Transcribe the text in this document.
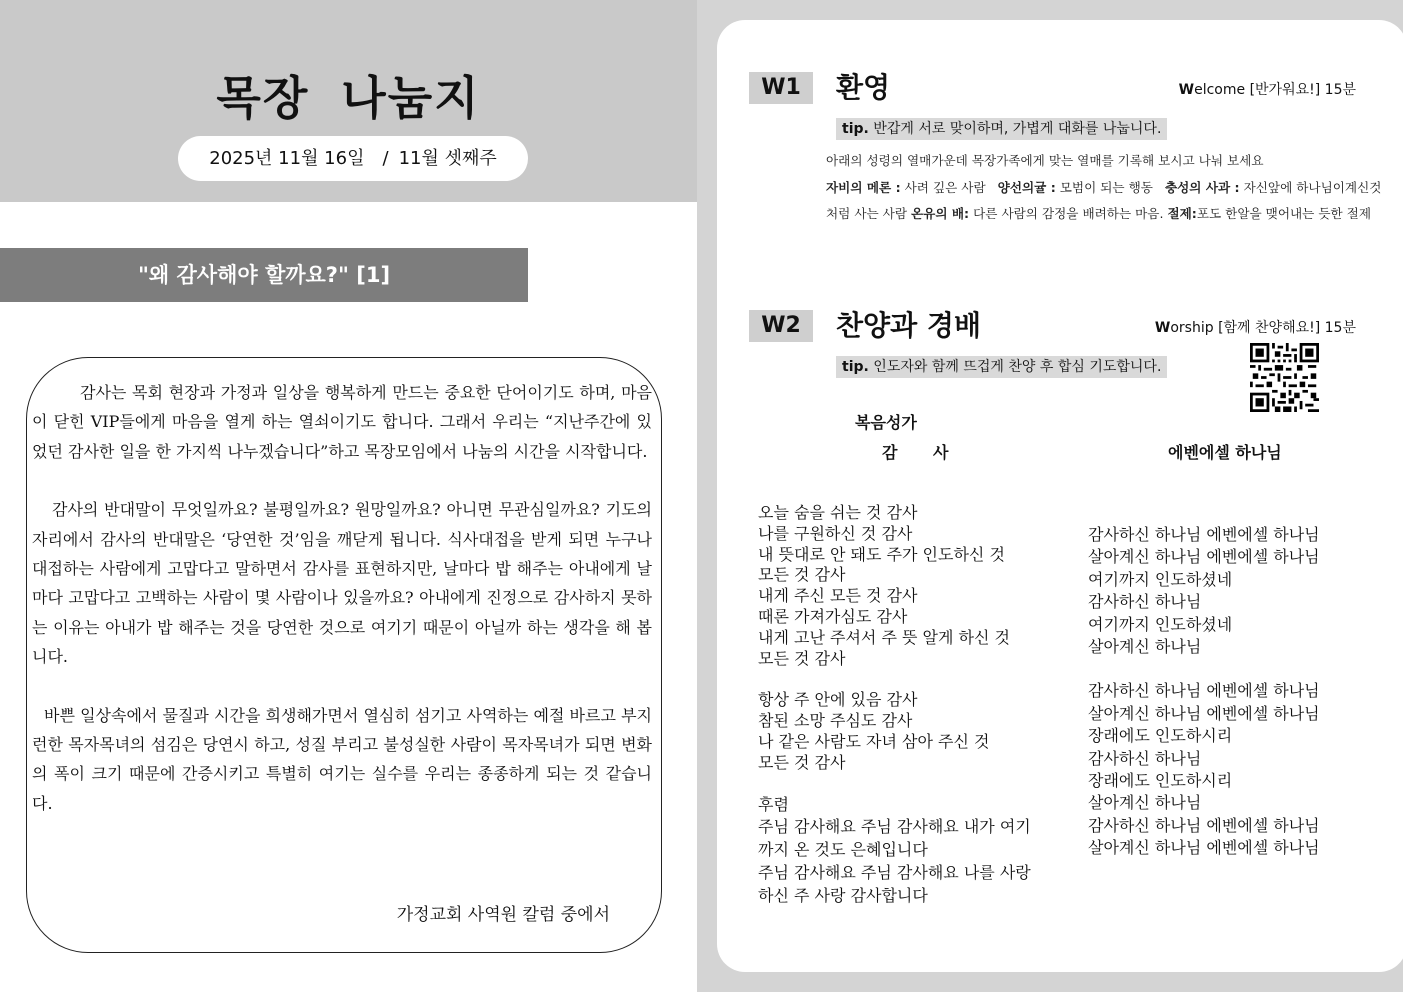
목장 나눔지
2025년 11월 16일 / 11월 셋째주
"왜 감사해야 할까요?" [1]

감사는 목회 현장과 가정과 일상을 행복하게 만드는 중요한 단어이기도 하며, 마음이 닫힌 VIP들에게 마음을 열게 하는 열쇠이기도 합니다. 그래서 우리는 “지난주간에 있었던 감사한 일을 한 가지씩 나누겠습니다”하고 목장모임에서 나눔의 시간을 시작합니다.

감사의 반대말이 무엇일까요? 불평일까요? 원망일까요? 아니면 무관심일까요? 기도의 자리에서 감사의 반대말은 ‘당연한 것’임을 깨닫게 됩니다. 식사대접을 받게 되면 누구나 대접하는 사람에게 고맙다고 말하면서 감사를 표현하지만, 날마다 밥 해주는 아내에게 날마다 고맙다고 고백하는 사람이 몇 사람이나 있을까요? 아내에게 진정으로 감사하지 못하는 이유는 아내가 밥 해주는 것을 당연한 것으로 여기기 때문이 아닐까 하는 생각을 해 봅니다.

바쁜 일상속에서 물질과 시간을 희생해가면서 열심히 섬기고 사역하는 예절 바르고 부지런한 목자목녀의 섬김은 당연시 하고, 성질 부리고 불성실한 사람이 목자목녀가 되면 변화의 폭이 크기 때문에 간증시키고 특별히 여기는 실수를 우리는 종종하게 되는 것 같습니다.

가정교회 사역원 칼럼 중에서
W1	환영	Welcome [반가워요!] 15분
tip. 반갑게 서로 맞이하며, 가볍게 대화를 나눕니다.
아래의 성령의 열매가운데 목장가족에게 맞는 열매를 기록해 보시고 나눠 보세요
자비의 메론 : 사려 깊은 사람 양선의귤 : 모범이 되는 행동 충성의 사과 : 자신앞에 하나님이계신것
처럼 사는 사람 온유의 배: 다른 사람의 감정을 배려하는 마음. 절제:포도 한알을 맺어내는 듯한 절제
W2	찬양과 경배	Worship [함께 찬양해요!] 15분
tip. 인도자와 함께 뜨겁게 찬양 후 합심 기도합니다.
복음성가
감 사	에벤에셀 하나님
오늘 숨을 쉬는 것 감사
나를 구원하신 것 감사
내 뜻대로 안 돼도 주가 인도하신 것
모든 것 감사
내게 주신 모든 것 감사
때론 가져가심도 감사
내게 고난 주셔서 주 뜻 알게 하신 것
모든 것 감사
항상 주 안에 있음 감사
참된 소망 주심도 감사
나 같은 사람도 자녀 삼아 주신 것
모든 것 감사
후렴
주님 감사해요 주님 감사해요 내가 여기
까지 온 것도 은혜입니다
주님 감사해요 주님 감사해요 나를 사랑
하신 주 사랑 감사합니다
감사하신 하나님 에벤에셀 하나님
살아계신 하나님 에벤에셀 하나님
여기까지 인도하셨네
감사하신 하나님
여기까지 인도하셨네
살아계신 하나님
감사하신 하나님 에벤에셀 하나님
살아계신 하나님 에벤에셀 하나님
장래에도 인도하시리
감사하신 하나님
장래에도 인도하시리
살아계신 하나님
감사하신 하나님 에벤에셀 하나님
살아계신 하나님 에벤에셀 하나님
